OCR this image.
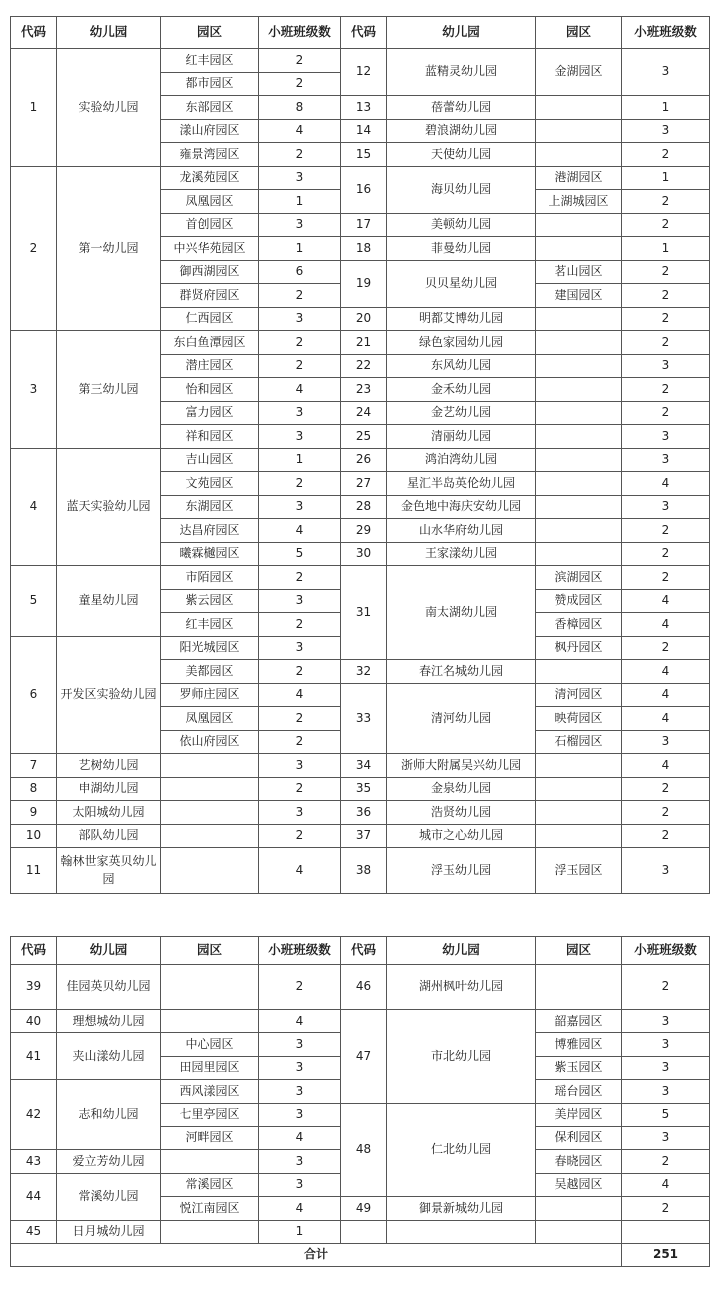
代码	幼儿园	园区	小班班级数	代码	幼儿园	园区	小班班级数
1	实验幼儿园	红丰园区	2	12	蓝精灵幼儿园	金湖园区	3
		都市园区	2				
		东部园区	8	13	蓓蕾幼儿园		1
		漾山府园区	4	14	碧浪湖幼儿园		3
		雍景湾园区	2	15	天使幼儿园		2
2	第一幼儿园	龙溪苑园区	3	16	海贝幼儿园	港湖园区	1
		凤凰园区	1			上湖城园区	2
		首创园区	3	17	美顿幼儿园		2
		中兴华苑园区	1	18	菲曼幼儿园		1
		御西湖园区	6	19	贝贝星幼儿园	茗山园区	2
		群贤府园区	2			建国园区	2
		仁西园区	3	20	明都艾博幼儿园		2
3	第三幼儿园	东白鱼潭园区	2	21	绿色家园幼儿园		2
		潜庄园区	2	22	东风幼儿园		3
		怡和园区	4	23	金禾幼儿园		2
		富力园区	3	24	金艺幼儿园		2
		祥和园区	3	25	清丽幼儿园		3
4	蓝天实验幼儿园	吉山园区	1	26	鸿泊湾幼儿园		3
		文苑园区	2	27	星汇半岛英伦幼儿园		4
		东湖园区	3	28	金色地中海庆安幼儿园		3
		达昌府园区	4	29	山水华府幼儿园		2
		曦霖樾园区	5	30	王家漾幼儿园		2
5	童星幼儿园	市陌园区	2	31	南太湖幼儿园	滨湖园区	2
		紫云园区	3			赞成园区	4
		红丰园区	2			香樟园区	4
6	开发区实验幼儿园	阳光城园区	3			枫丹园区	2
		美都园区	2	32	春江名城幼儿园		4
		罗师庄园区	4	33	清河幼儿园	清河园区	4
		凤凰园区	2			映荷园区	4
		依山府园区	2			石榴园区	3
7	艺树幼儿园		3	34	浙师大附属吴兴幼儿园		4
8	申湖幼儿园		2	35	金泉幼儿园		2
9	太阳城幼儿园		3	36	浩贤幼儿园		2
10	部队幼儿园		2	37	城市之心幼儿园		2
11	翰林世家英贝幼儿园		4	38	浮玉幼儿园	浮玉园区	3
代码	幼儿园	园区	小班班级数	代码	幼儿园	园区	小班班级数
39	佳园英贝幼儿园		2	46	湖州枫叶幼儿园		2
40	理想城幼儿园		4	47	市北幼儿园	韶嘉园区	3
41	夹山漾幼儿园	中心园区	3			博雅园区	3
		田园里园区	3			紫玉园区	3
42	志和幼儿园	西风漾园区	3			瑶台园区	3
		七里亭园区	3	48	仁北幼儿园	美岸园区	5
		河畔园区	4			保利园区	3
43	爱立芳幼儿园		3			春晓园区	2
44	常溪幼儿园	常溪园区	3			吴越园区	4
		悦江南园区	4	49	御景新城幼儿园		2
45	日月城幼儿园		1				
合计							251
